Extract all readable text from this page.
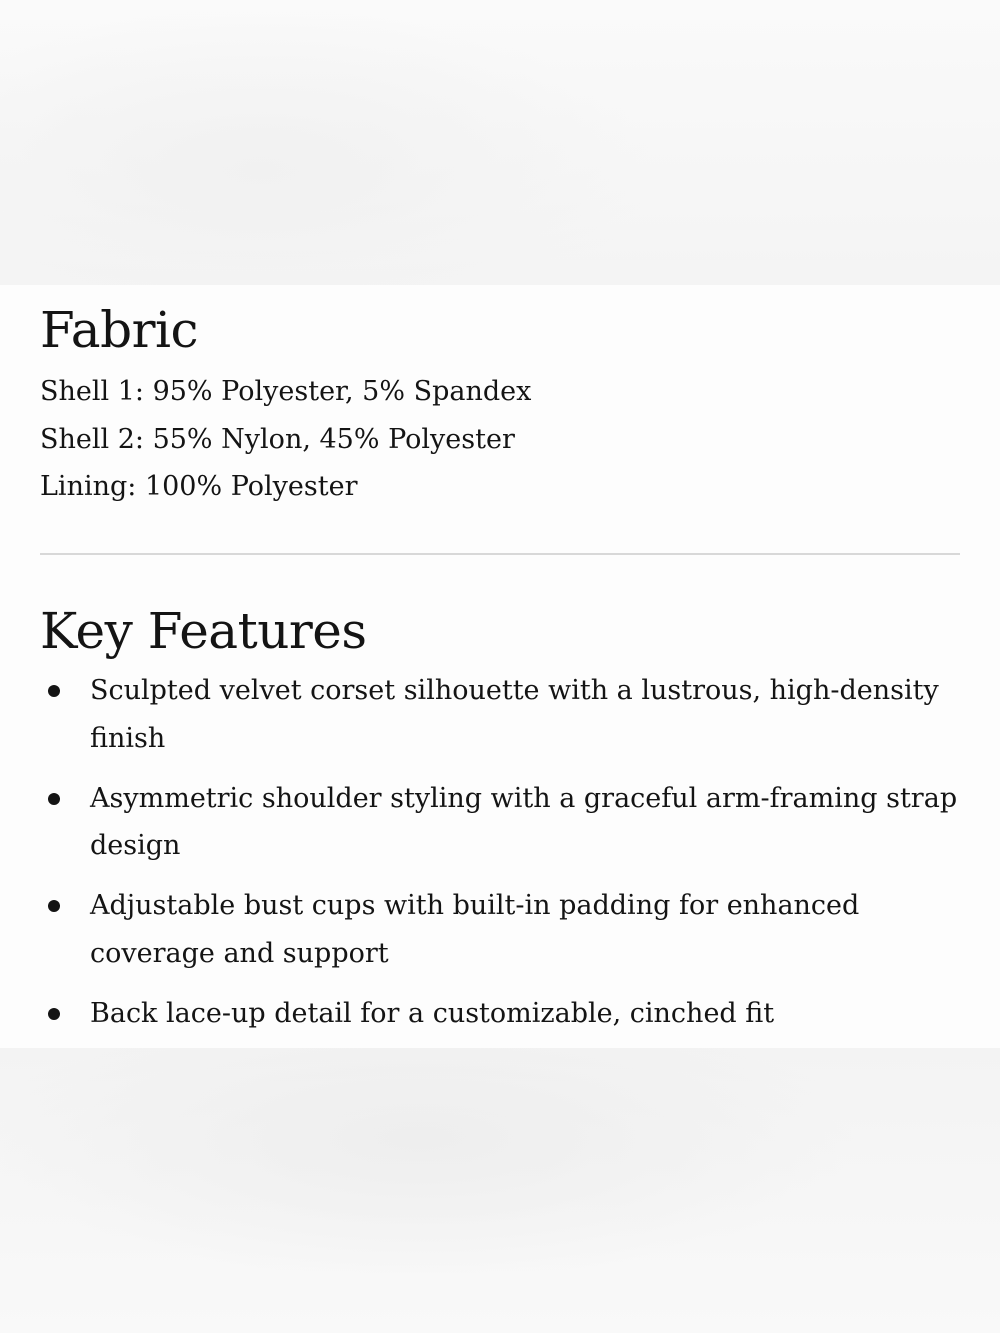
Fabric
Shell 1: 95% Polyester, 5% Spandex
Shell 2: 55% Nylon, 45% Polyester
Lining: 100% Polyester
Key Features
Sculpted velvet corset silhouette with a lustrous, high-density finish
Asymmetric shoulder styling with a graceful arm-framing strap design
Adjustable bust cups with built-in padding for enhanced coverage and support
Back lace-up detail for a customizable, cinched fit
